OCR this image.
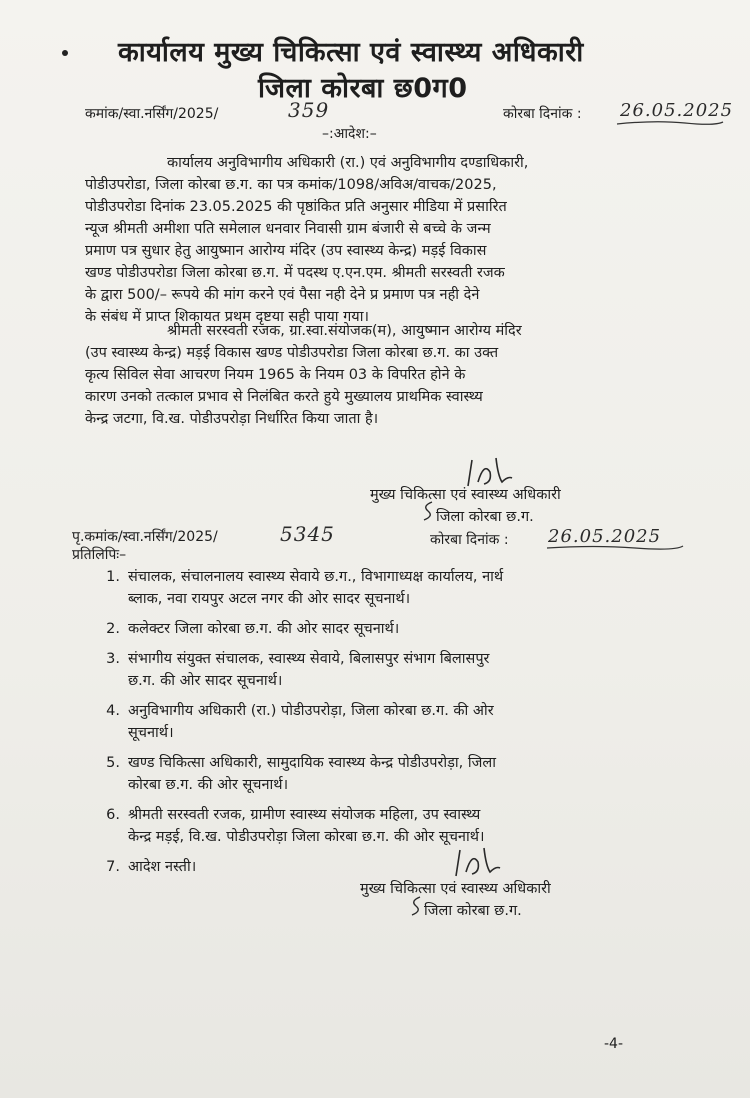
कार्यालय मुख्य चिकित्सा एवं स्वास्थ्य अधिकारी
जिला कोरबा छ0ग0
कमांक/स्वा.नर्सिंग/2025/	359	कोरबा दिनांक : 26.05.2025
–:आदेश:–
कार्यालय अनुविभागीय अधिकारी (रा.) एवं अनुविभागीय दण्डाधिकारी,
पोडीउपरोडा, जिला कोरबा छ.ग. का पत्र कमांक/1098/अविअ/वाचक/2025,
पोडीउपरोडा दिनांक 23.05.2025 की पृष्ठांकित प्रति अनुसार मीडिया में प्रसारित
न्यूज श्रीमती अमीशा पति समेलाल धनवार निवासी ग्राम बंजारी से बच्चे के जन्म
प्रमाण पत्र सुधार हेतु आयुष्मान आरोग्य मंदिर (उप स्वास्थ्य केन्द्र) मड़ई विकास
खण्ड पोडीउपरोडा जिला कोरबा छ.ग. में पदस्थ ए.एन.एम. श्रीमती सरस्वती रजक
के द्वारा 500/– रूपये की मांग करने एवं पैसा नही देने प्र प्रमाण पत्र नही देने
के संबंध में प्राप्त शिकायत प्रथम दृष्टया सही पाया गया।
श्रीमती सरस्वती रजक, ग्रा.स्वा.संयोजक(म), आयुष्मान आरोग्य मंदिर
(उप स्वास्थ्य केन्द्र) मड़ई विकास खण्ड पोडीउपरोडा जिला कोरबा छ.ग. का उक्त
कृत्य सिविल सेवा आचरण नियम 1965 के नियम 03 के विपरित होने के
कारण उनको तत्काल प्रभाव से निलंबित करते हुये मुख्यालय प्राथमिक स्वास्थ्य
केन्द्र जटगा, वि.ख. पोडीउपरोड़ा निर्धारित किया जाता है।
मुख्य चिकित्सा एवं स्वास्थ्य अधिकारी
जिला कोरबा छ.ग.
पृ.कमांक/स्वा.नर्सिंग/2025/	5345	कोरबा दिनांक : 26.05.2025
प्रतिलिपिः–
1. संचालक, संचालनालय स्वास्थ्य सेवाये छ.ग., विभागाध्यक्ष कार्यालय, नार्थ
ब्लाक, नवा रायपुर अटल नगर की ओर सादर सूचनार्थ।
2. कलेक्टर जिला कोरबा छ.ग. की ओर सादर सूचनार्थ।
3. संभागीय संयुक्त संचालक, स्वास्थ्य सेवाये, बिलासपुर संभाग बिलासपुर
छ.ग. की ओर सादर सूचनार्थ।
4. अनुविभागीय अधिकारी (रा.) पोडीउपरोड़ा, जिला कोरबा छ.ग. की ओर
सूचनार्थ।
5. खण्ड चिकित्सा अधिकारी, सामुदायिक स्वास्थ्य केन्द्र पोडीउपरोड़ा, जिला
कोरबा छ.ग. की ओर सूचनार्थ।
6. श्रीमती सरस्वती रजक, ग्रामीण स्वास्थ्य संयोजक महिला, उप स्वास्थ्य
केन्द्र मड़ई, वि.ख. पोडीउपरोड़ा जिला कोरबा छ.ग. की ओर सूचनार्थ।
7. आदेश नस्ती।
मुख्य चिकित्सा एवं स्वास्थ्य अधिकारी
जिला कोरबा छ.ग.
-4-
